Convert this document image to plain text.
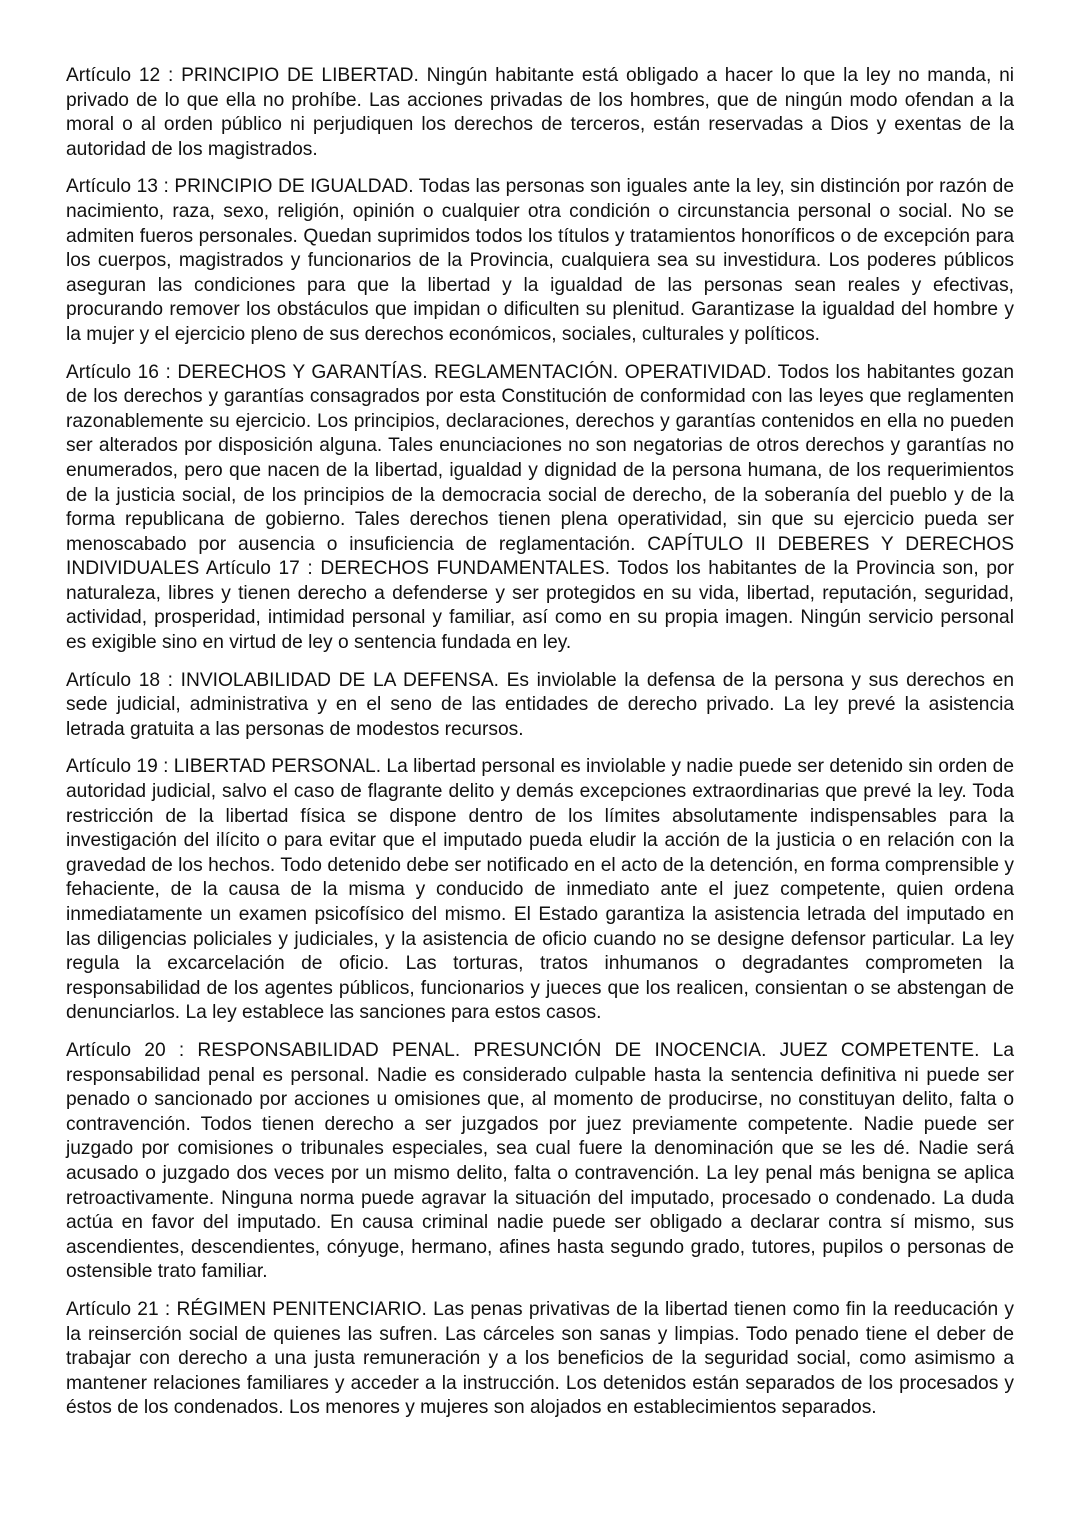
Artículo 12 : PRINCIPIO DE LIBERTAD. Ningún habitante está obligado a hacer lo que la ley no manda, ni privado de lo que ella no prohíbe. Las acciones privadas de los hombres, que de ningún modo ofendan a la moral o al orden público ni perjudiquen los derechos de terceros, están reservadas a Dios y exentas de la autoridad de los magistrados.

Artículo 13 : PRINCIPIO DE IGUALDAD. Todas las personas son iguales ante la ley, sin distinción por razón de nacimiento, raza, sexo, religión, opinión o cualquier otra condición o circunstancia personal o social. No se admiten fueros personales. Quedan suprimidos todos los títulos y tratamientos honoríficos o de excepción para los cuerpos, magistrados y funcionarios de la Provincia, cualquiera sea su investidura. Los poderes públicos aseguran las condiciones para que la libertad y la igualdad de las personas sean reales y efectivas, procurando remover los obstáculos que impidan o dificulten su plenitud. Garantizase la igualdad del hombre y la mujer y el ejercicio pleno de sus derechos económicos, sociales, culturales y políticos.

Artículo 16 : DERECHOS Y GARANTÍAS. REGLAMENTACIÓN. OPERATIVIDAD. Todos los habitantes gozan de los derechos y garantías consagrados por esta Constitución de conformidad con las leyes que reglamenten razonablemente su ejercicio. Los principios, declaraciones, derechos y garantías contenidos en ella no pueden ser alterados por disposición alguna. Tales enunciaciones no son negatorias de otros derechos y garantías no enumerados, pero que nacen de la libertad, igualdad y dignidad de la persona humana, de los requerimientos de la justicia social, de los principios de la democracia social de derecho, de la soberanía del pueblo y de la forma republicana de gobierno. Tales derechos tienen plena operatividad, sin que su ejercicio pueda ser menoscabado por ausencia o insuficiencia de reglamentación. CAPÍTULO II DEBERES Y DERECHOS INDIVIDUALES Artículo 17 : DERECHOS FUNDAMENTALES. Todos los habitantes de la Provincia son, por naturaleza, libres y tienen derecho a defenderse y ser protegidos en su vida, libertad, reputación, seguridad, actividad, prosperidad, intimidad personal y familiar, así como en su propia imagen. Ningún servicio personal es exigible sino en virtud de ley o sentencia fundada en ley.

Artículo 18 : INVIOLABILIDAD DE LA DEFENSA. Es inviolable la defensa de la persona y sus derechos en sede judicial, administrativa y en el seno de las entidades de derecho privado. La ley prevé la asistencia letrada gratuita a las personas de modestos recursos.

Artículo 19 : LIBERTAD PERSONAL. La libertad personal es inviolable y nadie puede ser detenido sin orden de autoridad judicial, salvo el caso de flagrante delito y demás excepciones extraordinarias que prevé la ley. Toda restricción de la libertad física se dispone dentro de los límites absolutamente indispensables para la investigación del ilícito o para evitar que el imputado pueda eludir la acción de la justicia o en relación con la gravedad de los hechos. Todo detenido debe ser notificado en el acto de la detención, en forma comprensible y fehaciente, de la causa de la misma y conducido de inmediato ante el juez competente, quien ordena inmediatamente un examen psicofísico del mismo. El Estado garantiza la asistencia letrada del imputado en las diligencias policiales y judiciales, y la asistencia de oficio cuando no se designe defensor particular. La ley regula la excarcelación de oficio. Las torturas, tratos inhumanos o degradantes comprometen la responsabilidad de los agentes públicos, funcionarios y jueces que los realicen, consientan o se abstengan de denunciarlos. La ley establece las sanciones para estos casos.

Artículo 20 : RESPONSABILIDAD PENAL. PRESUNCIÓN DE INOCENCIA. JUEZ COMPETENTE. La responsabilidad penal es personal. Nadie es considerado culpable hasta la sentencia definitiva ni puede ser penado o sancionado por acciones u omisiones que, al momento de producirse, no constituyan delito, falta o contravención. Todos tienen derecho a ser juzgados por juez previamente competente. Nadie puede ser juzgado por comisiones o tribunales especiales, sea cual fuere la denominación que se les dé. Nadie será acusado o juzgado dos veces por un mismo delito, falta o contravención. La ley penal más benigna se aplica retroactivamente. Ninguna norma puede agravar la situación del imputado, procesado o condenado. La duda actúa en favor del imputado. En causa criminal nadie puede ser obligado a declarar contra sí mismo, sus ascendientes, descendientes, cónyuge, hermano, afines hasta segundo grado, tutores, pupilos o personas de ostensible trato familiar.

Artículo 21 : RÉGIMEN PENITENCIARIO. Las penas privativas de la libertad tienen como fin la reeducación y la reinserción social de quienes las sufren. Las cárceles son sanas y limpias. Todo penado tiene el deber de trabajar con derecho a una justa remuneración y a los beneficios de la seguridad social, como asimismo a mantener relaciones familiares y acceder a la instrucción. Los detenidos están separados de los procesados y éstos de los condenados. Los menores y mujeres son alojados en establecimientos separados.
